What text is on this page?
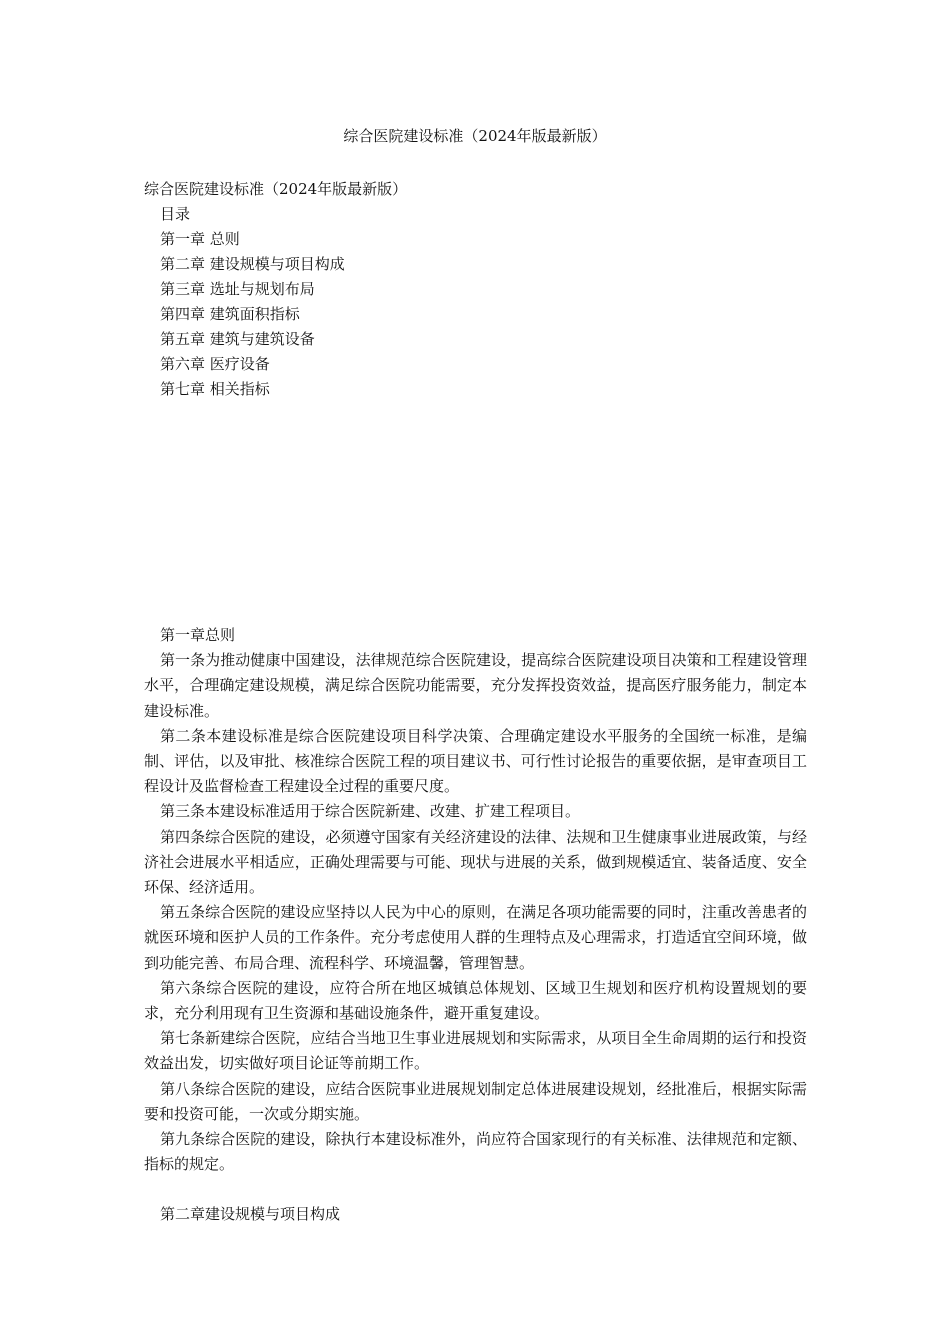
综合医院建设标准（2024年版最新版）
综合医院建设标准（2024年版最新版）
目录
第一章 总则
第二章 建设规模与项目构成
第三章 选址与规划布局
第四章 建筑面积指标
第五章 建筑与建筑设备
第六章 医疗设备
第七章 相关指标

第一章总则

第一条为推动健康中国建设，法律规范综合医院建设，提高综合医院建设项目决策和工程建设管理水平，合理确定建设规模，满足综合医院功能需要，充分发挥投资效益，提高医疗服务能力，制定本建设标准。

第二条本建设标准是综合医院建设项目科学决策、合理确定建设水平服务的全国统一标准，是编制、评估，以及审批、核准综合医院工程的项目建议书、可行性讨论报告的重要依据，是审查项目工程设计及监督检查工程建设全过程的重要尺度。

第三条本建设标准适用于综合医院新建、改建、扩建工程项目。

第四条综合医院的建设，必须遵守国家有关经济建设的法律、法规和卫生健康事业进展政策，与经济社会进展水平相适应，正确处理需要与可能、现状与进展的关系，做到规模适宜、装备适度、安全环保、经济适用。

第五条综合医院的建设应坚持以人民为中心的原则，在满足各项功能需要的同时，注重改善患者的就医环境和医护人员的工作条件。充分考虑使用人群的生理特点及心理需求，打造适宜空间环境，做到功能完善、布局合理、流程科学、环境温馨，管理智慧。

第六条综合医院的建设，应符合所在地区城镇总体规划、区域卫生规划和医疗机构设置规划的要求，充分利用现有卫生资源和基础设施条件，避开重复建设。

第七条新建综合医院，应结合当地卫生事业进展规划和实际需求，从项目全生命周期的运行和投资效益出发，切实做好项目论证等前期工作。

第八条综合医院的建设，应结合医院事业进展规划制定总体进展建设规划，经批准后，根据实际需要和投资可能，一次或分期实施。

第九条综合医院的建设，除执行本建设标准外，尚应符合国家现行的有关标准、法律规范和定额、指标的规定。

第二章建设规模与项目构成
